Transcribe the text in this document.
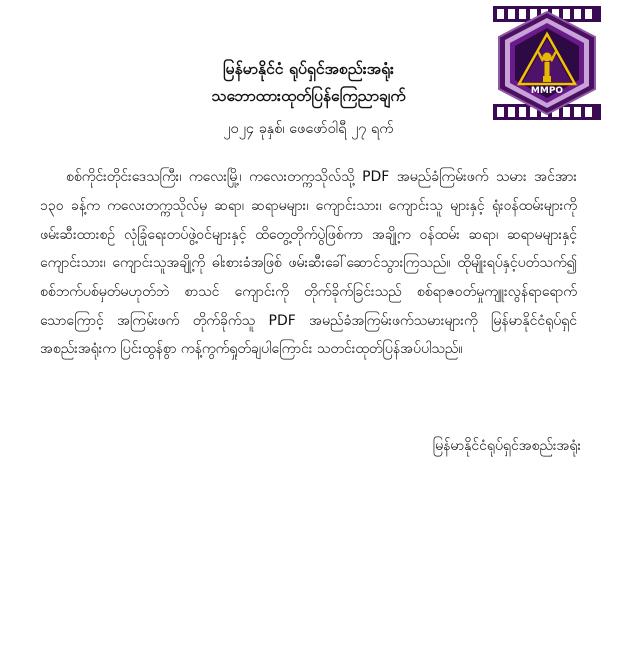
MMPO
မြန်မာနိုင်ငံ ရုပ်ရှင်အစည်းအရုံး
သဘောထားထုတ်ပြန်ကြေညာချက်
၂၀၂၄ ခုနှစ်၊ ဖေဖော်ဝါရီ ၂၇ ရက်

စစ်ကိုင်းတိုင်းဒေသကြီး၊ ကလေးမြို့၊ ကလေးတက္ကသိုလ်သို့ PDF အမည်ခံကြမ်းဖက် သမား အင်အား ၁၃၀ ခန့်က ကလေးတက္ကသိုလ်မှ ဆရာ၊ ဆရာမများ၊ ကျောင်းသား၊ ကျောင်းသူ များနှင့် ရုံးဝန်ထမ်းများကို ဖမ်းဆီးထားစဉ် လုံခြုံရေးတပ်ဖွဲ့ဝင်များနှင့် ထိတွေ့တိုက်ပွဲဖြစ်ကာ အချို့က ဝန်ထမ်း ဆရာ၊ ဆရာမများနှင့် ကျောင်းသား၊ ကျောင်းသူအချို့ကို ဓါးစားခံအဖြစ် ဖမ်းဆီးခေါ်ဆောင်သွားကြသည်။ ထိုမျိုးရပ်နှင့်ပတ်သက်၍ စစ်ဘက်ပစ်မှတ်မဟုတ်ဘဲ စာသင် ကျောင်းကို တိုက်ခိုက်ခြင်းသည် စစ်ရာဇဝတ်မှုကျူးလွန်ရာရောက်သောကြောင့် အကြမ်းဖက် တိုက်ခိုက်သူ PDF အမည်ခံအကြမ်းဖက်သမားများကို မြန်မာနိုင်ငံရုပ်ရှင်အစည်းအရုံးက ပြင်းထွန်စွာ ကန့်ကွက်ရှုတ်ချပါကြောင်း သတင်းထုတ်ပြန်အပ်ပါသည်။

မြန်မာနိုင်ငံရုပ်ရှင်အစည်းအရုံး
